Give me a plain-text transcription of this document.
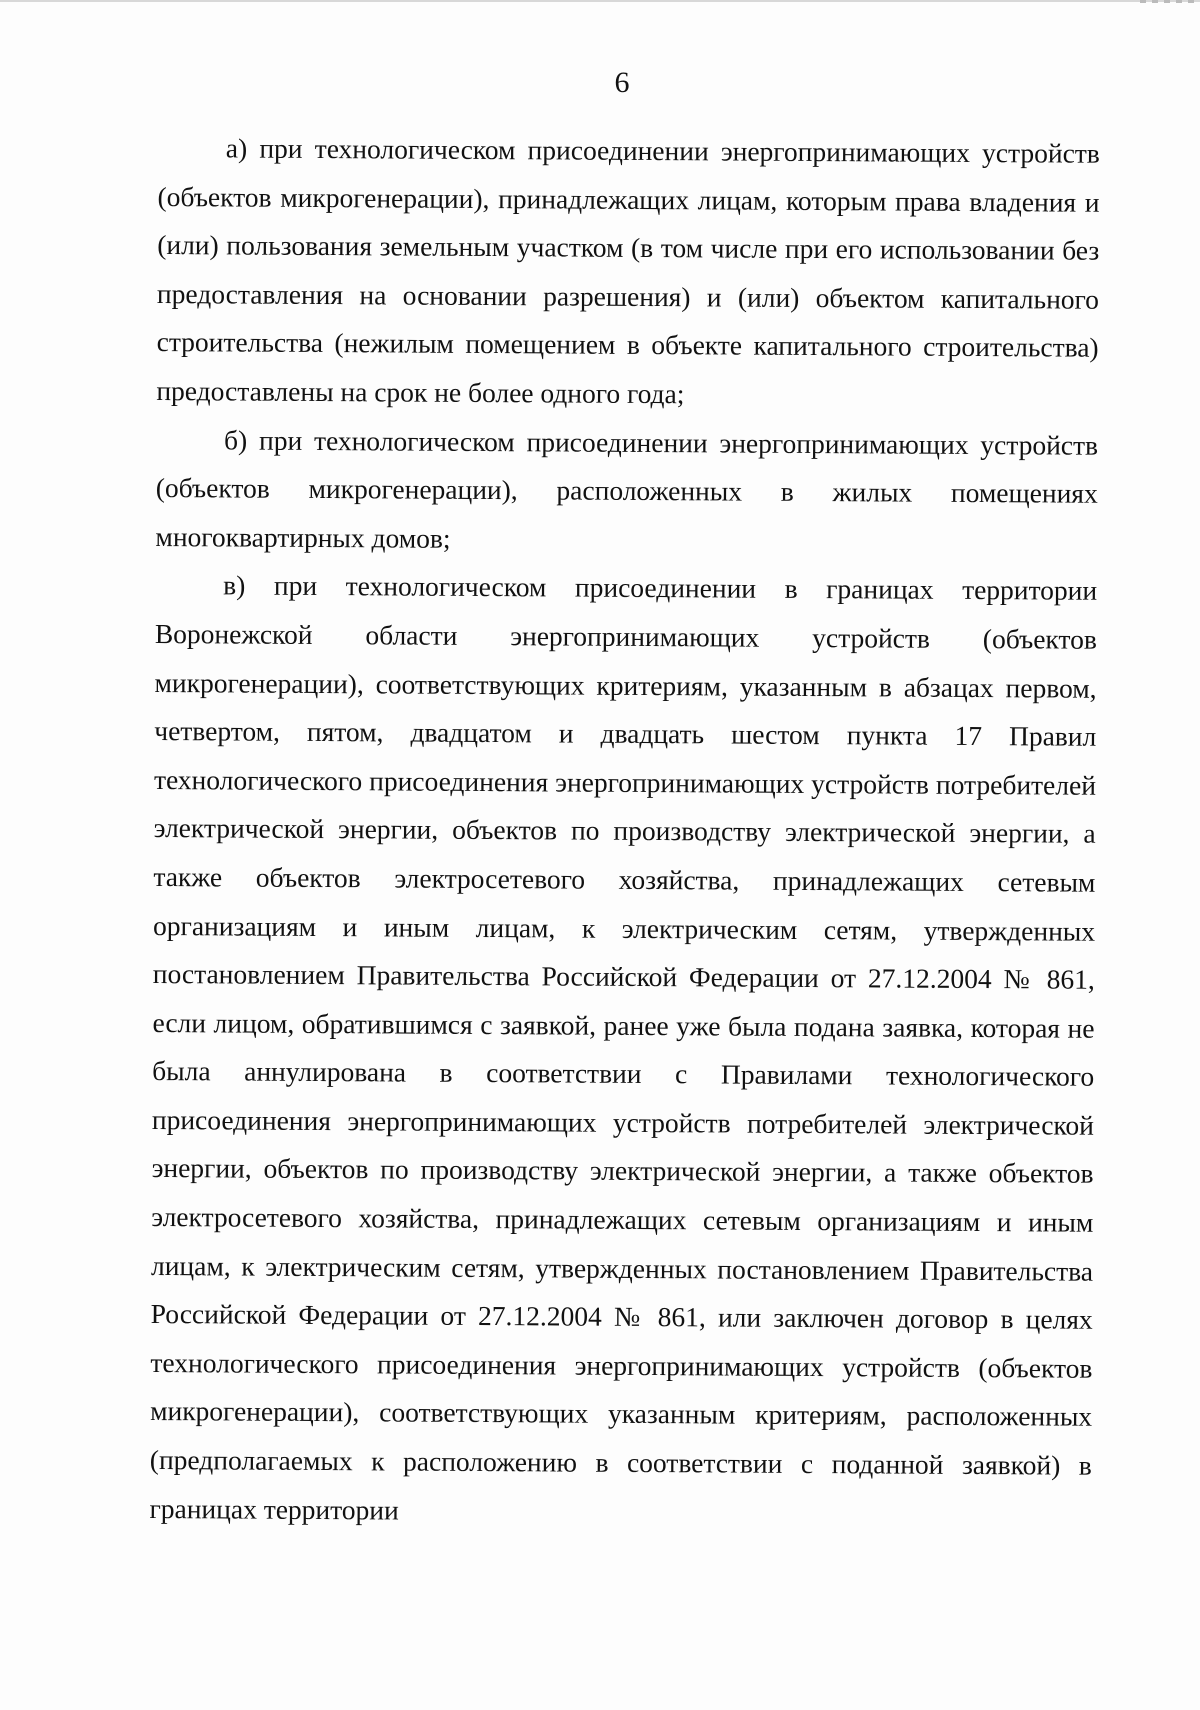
6

а) при технологическом присоединении энергопринимающих устройств (объектов микрогенерации), принадлежащих лицам, которым права владения и (или) пользования земельным участком (в том числе при его использовании без предоставления на основании разрешения) и (или) объектом капитального строительства (нежилым помещением в объекте капитального строительства) предоставлены на срок не более одного года;

б) при технологическом присоединении энергопринимающих устройств (объектов микрогенерации), расположенных в жилых помещениях многоквартирных домов;

в) при технологическом присоединении в границах территории Воронежской области энергопринимающих устройств (объектов микрогенерации), соответствующих критериям, указанным в абзацах первом, четвертом, пятом, двадцатом и двадцать шестом пункта 17 Правил технологического присоединения энергопринимающих устройств потребителей электрической энергии, объектов по производству электрической энергии, а также объектов электросетевого хозяйства, принадлежащих сетевым организациям и иным лицам, к электрическим сетям, утвержденных постановлением Правительства Российской Федерации от 27.12.2004 № 861, если лицом, обратившимся с заявкой, ранее уже была подана заявка, которая не была аннулирована в соответствии с Правилами технологического присоединения энергопринимающих устройств потребителей электрической энергии, объектов по производству электрической энергии, а также объектов электросетевого хозяйства, принадлежащих сетевым организациям и иным лицам, к электрическим сетям, утвержденных постановлением Правительства Российской Федерации от 27.12.2004 № 861, или заключен договор в целях технологического присоединения энергопринимающих устройств (объектов микрогенерации), соответствующих указанным критериям, расположенных (предполагаемых к расположению в соответствии с поданной заявкой) в границах территории
